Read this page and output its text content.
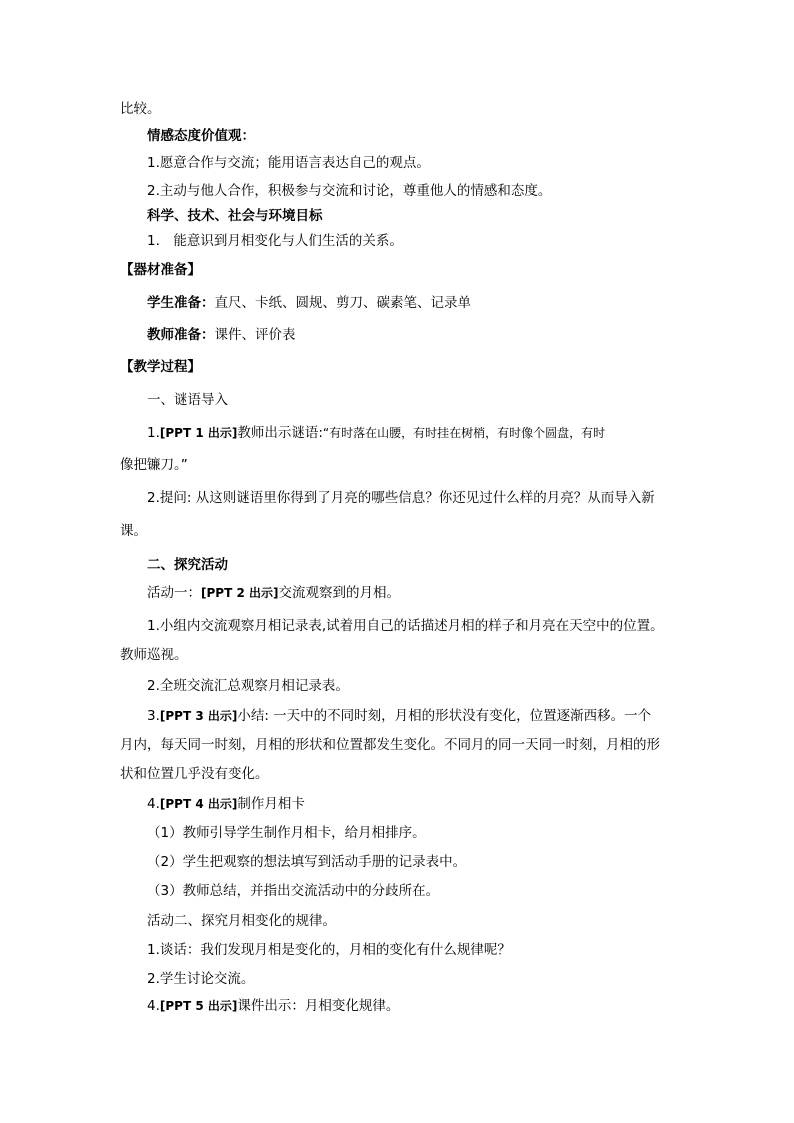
比较。
情感态度价值观：
1.愿意合作与交流；能用语言表达自己的观点。
2.主动与他人合作，积极参与交流和讨论，尊重他人的情感和态度。
科学、技术、社会与环境目标
1.　能意识到月相变化与人们生活的关系。
【器材准备】
学生准备：直尺、卡纸、圆规、剪刀、碳素笔、记录单
教师准备：课件、评价表
【教学过程】
一、谜语导入
1.[PPT 1 出示]教师出示谜语:“有时落在山腰，有时挂在树梢，有时像个圆盘，有时
像把镰刀。”
2.提问: 从这则谜语里你得到了月亮的哪些信息？你还见过什么样的月亮？从而导入新
课。
二、探究活动
活动一：[PPT 2 出示]交流观察到的月相。
1.小组内交流观察月相记录表,试着用自己的话描述月相的样子和月亮在天空中的位置。
教师巡视。
2.全班交流汇总观察月相记录表。
3.[PPT 3 出示]小结: 一天中的不同时刻，月相的形状没有变化，位置逐渐西移。一个
月内，每天同一时刻，月相的形状和位置都发生变化。不同月的同一天同一时刻，月相的形
状和位置几乎没有变化。
4.[PPT 4 出示]制作月相卡
（1）教师引导学生制作月相卡，给月相排序。
（2）学生把观察的想法填写到活动手册的记录表中。
（3）教师总结，并指出交流活动中的分歧所在。
活动二、探究月相变化的规律。
1.谈话：我们发现月相是变化的，月相的变化有什么规律呢？
2.学生讨论交流。
4.[PPT 5 出示]课件出示：月相变化规律。
